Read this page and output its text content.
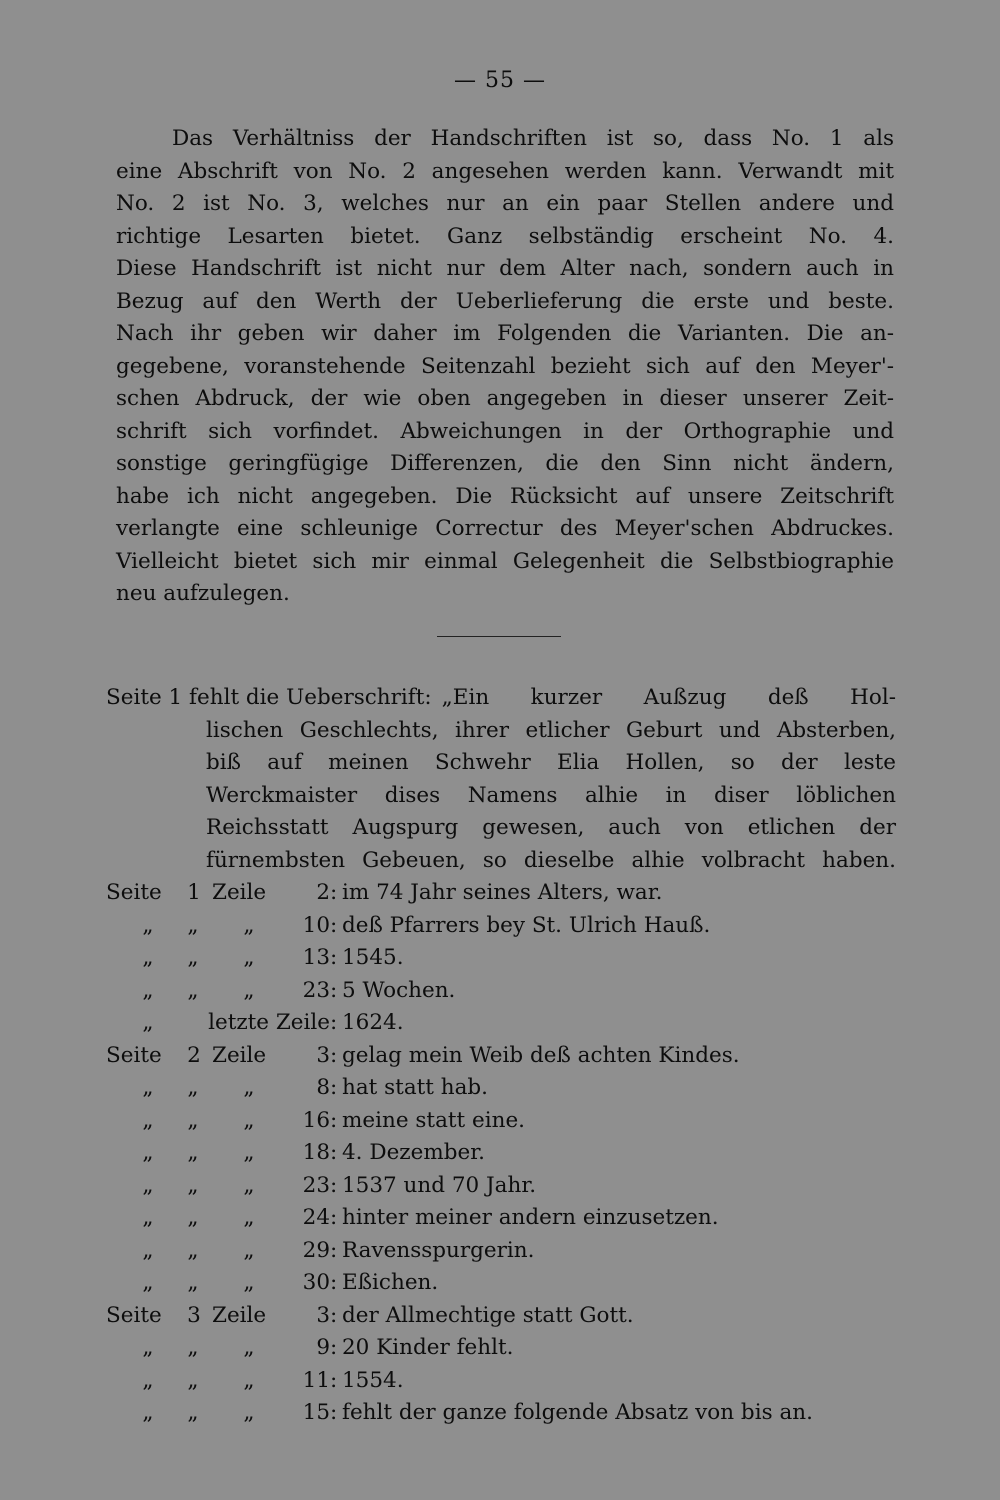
— 55 —

Das Verhältniss der Handschriften ist so, dass No. 1 als
eine Abschrift von No. 2 angesehen werden kann. Verwandt mit
No. 2 ist No. 3, welches nur an ein paar Stellen andere und
richtige Lesarten bietet. Ganz selbständig erscheint No. 4.
Diese Handschrift ist nicht nur dem Alter nach, sondern auch in
Bezug auf den Werth der Ueberlieferung die erste und beste.
Nach ihr geben wir daher im Folgenden die Varianten. Die an-
gegebene, voranstehende Seitenzahl bezieht sich auf den Meyer'-
schen Abdruck, der wie oben angegeben in dieser unserer Zeit-
schrift sich vorfindet. Abweichungen in der Orthographie und
sonstige geringfügige Differenzen, die den Sinn nicht ändern,
habe ich nicht angegeben. Die Rücksicht auf unsere Zeitschrift
verlangte eine schleunige Correctur des Meyer'schen Abdruckes.
Vielleicht bietet sich mir einmal Gelegenheit die Selbstbiographie
neu aufzulegen.

Seite 1 fehlt die Ueberschrift: „Ein kurzer Außzug deß Hol-
lischen Geschlechts, ihrer etlicher Geburt und Absterben,
biß auf meinen Schwehr Elia Hollen, so der leste
Werckmaister dises Namens alhie in diser löblichen
Reichsstatt Augspurg gewesen, auch von etlichen der
fürnembsten Gebeuen, so dieselbe alhie volbracht haben.
Seite	1 Zeile	2 : im 74 Jahr seines Alters, war.
„	„	„	10 : deß Pfarrers bey St. Ulrich Hauß.
„	„	„	13 : 1545.
„	„	„	23 : 5 Wochen.
„	letzte Zeile : 1624.
Seite	2 Zeile	3 : gelag mein Weib deß achten Kindes.
„	„	„	8 : hat statt hab.
„	„	„	16 : meine statt eine.
„	„	„	18 : 4. Dezember.
„	„	„	23 : 1537 und 70 Jahr.
„	„	„	24 : hinter meiner andern einzusetzen.
„	„	„	29 : Ravensspurgerin.
„	„	„	30 : Eßichen.
Seite	3 Zeile	3 : der Allmechtige statt Gott.
„	„	„	9 : 20 Kinder fehlt.
„	„	„	11 : 1554.
„	„	„	15 : fehlt der ganze folgende Absatz von bis an.
